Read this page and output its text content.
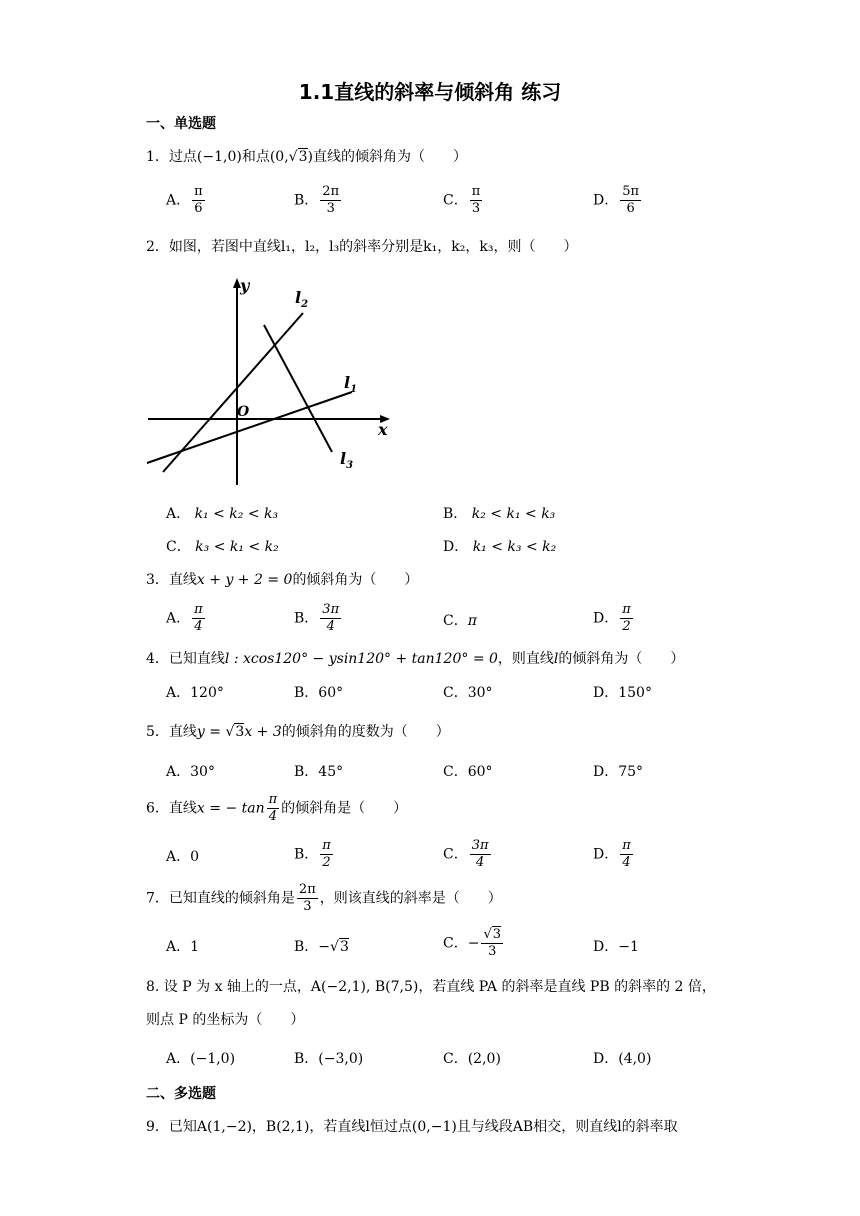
1.1直线的斜率与倾斜角 练习
一、单选题
1．过点(−1,0)和点(0,√3)直线的倾斜角为（　　）
A． $\frac{\pi}{6}$	B． $\frac{2\pi}{3}$	C． $\frac{\pi}{3}$	D． $\frac{5\pi}{6}$
2．如图，若图中直线l₁，l₂，l₃的斜率分别是k₁，k₂，k₃，则（　　）
y
x
O
$l_2$
$l_1$
$l_3$
A． k₁ < k₂ < k₃	B． k₂ < k₁ < k₃
C． k₃ < k₁ < k₂	D． k₁ < k₃ < k₂
3．直线x + y + 2 = 0的倾斜角为（　　）
A． $\frac{\pi}{4}$	B． $\frac{3\pi}{4}$	C．π	D． $\frac{\pi}{2}$
4．已知直线l : xcos120° − ysin120° + tan120° = 0，则直线l的倾斜角为（　　）
A．120°	B．60°	C．30°	D．150°
5．直线y = √3x + 3的倾斜角的度数为（　　）
A．30°	B．45°	C．60°	D．75°
6．直线x = − $\tan \frac{\pi}{4}$ 的倾斜角是（　　）
A．0	B． $\frac{\pi}{2}$	C． $\frac{3\pi}{4}$	D． $\frac{\pi}{4}$
7．已知直线的倾斜角是 $\frac{2\pi}{3}$ ，则该直线的斜率是（　　）
A．1	B．−√3	C．− $\frac{√3}{3}$	D．−1
8. 设 P 为 x 轴上的一点，A(−2,1), B(7,5)，若直线 PA 的斜率是直线 PB 的斜率的 2 倍，
则点 P 的坐标为（　　）
A．(−1,0)	B．(−3,0)	C．(2,0)	D．(4,0)
二、多选题
9．已知A(1,−2)，B(2,1)，若直线l恒过点(0,−1)且与线段AB相交，则直线l的斜率取
